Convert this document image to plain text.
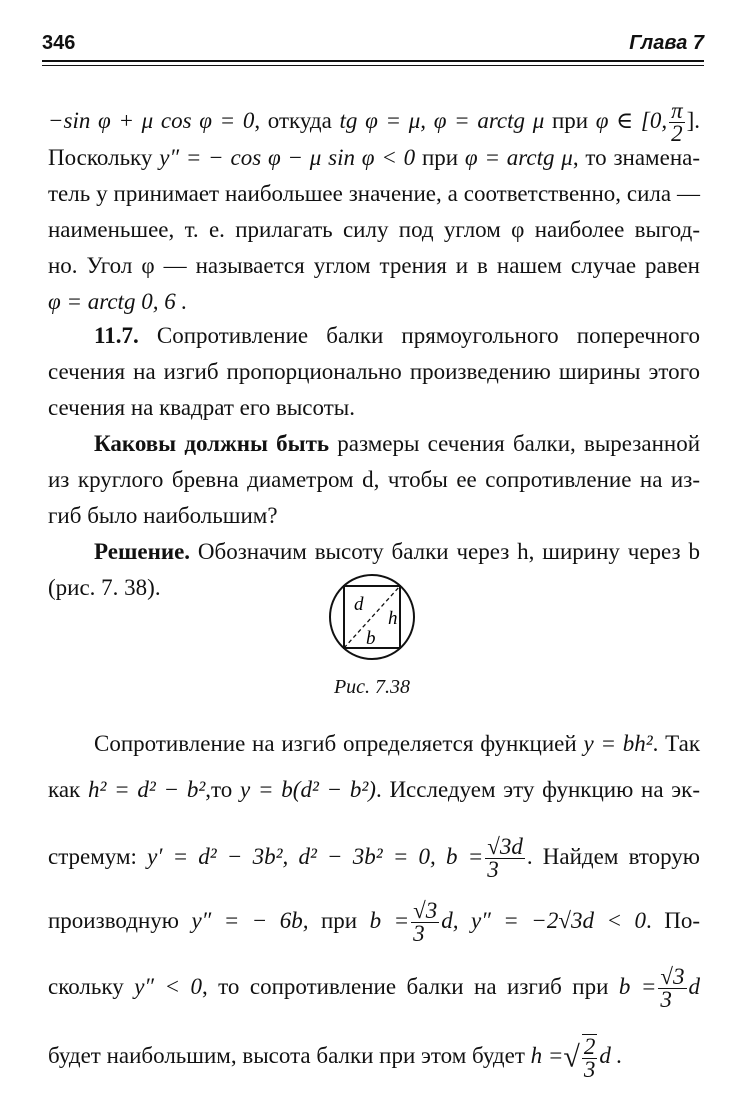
346	Глава 7
−sin φ + μ cos φ = 0, откуда tg φ = μ, φ = arctg μ при φ ∈ [0, $\frac{\pi}{2}$ ].
Поскольку y″ = − cos φ − μ sin φ < 0 при φ = arctg μ, то знамена-
тель y принимает наибольшее значение, а соответственно, сила —
наименьшее, т. е. прилагать силу под углом φ наиболее выгод-
но. Угол φ — называется углом трения и в нашем случае равен
φ = arctg 0, 6 .
11.7. Сопротивление балки прямоугольного поперечного
сечения на изгиб пропорционально произведению ширины этого
сечения на квадрат его высоты.
Каковы должны быть размеры сечения балки, вырезанной
из круглого бревна диаметром d, чтобы ее сопротивление на из-
гиб было наибольшим?
Решение. Обозначим высоту балки через h, ширину через b
(рис. 7. 38).
d
h
b
Рис. 7.38
Сопротивление на изгиб определяется функцией y = bh². Так
как h² = d² − b²,то y = b(d² − b²). Исследуем эту функцию на эк-
стремум: y′ = d² − 3b², d² − 3b² = 0, $b = \frac{√3d}{3}$ . Найдем вторую
производную y″ = − 6b, при $b = \frac{√3}{3} d$, y″ = −2√3d < 0. По-
скольку y″ < 0, то сопротивление балки на изгиб при $b = \frac{√3}{3}$ d
будет наибольшим, высота балки при этом будет h =√ $\frac{2}{3}$ d .
